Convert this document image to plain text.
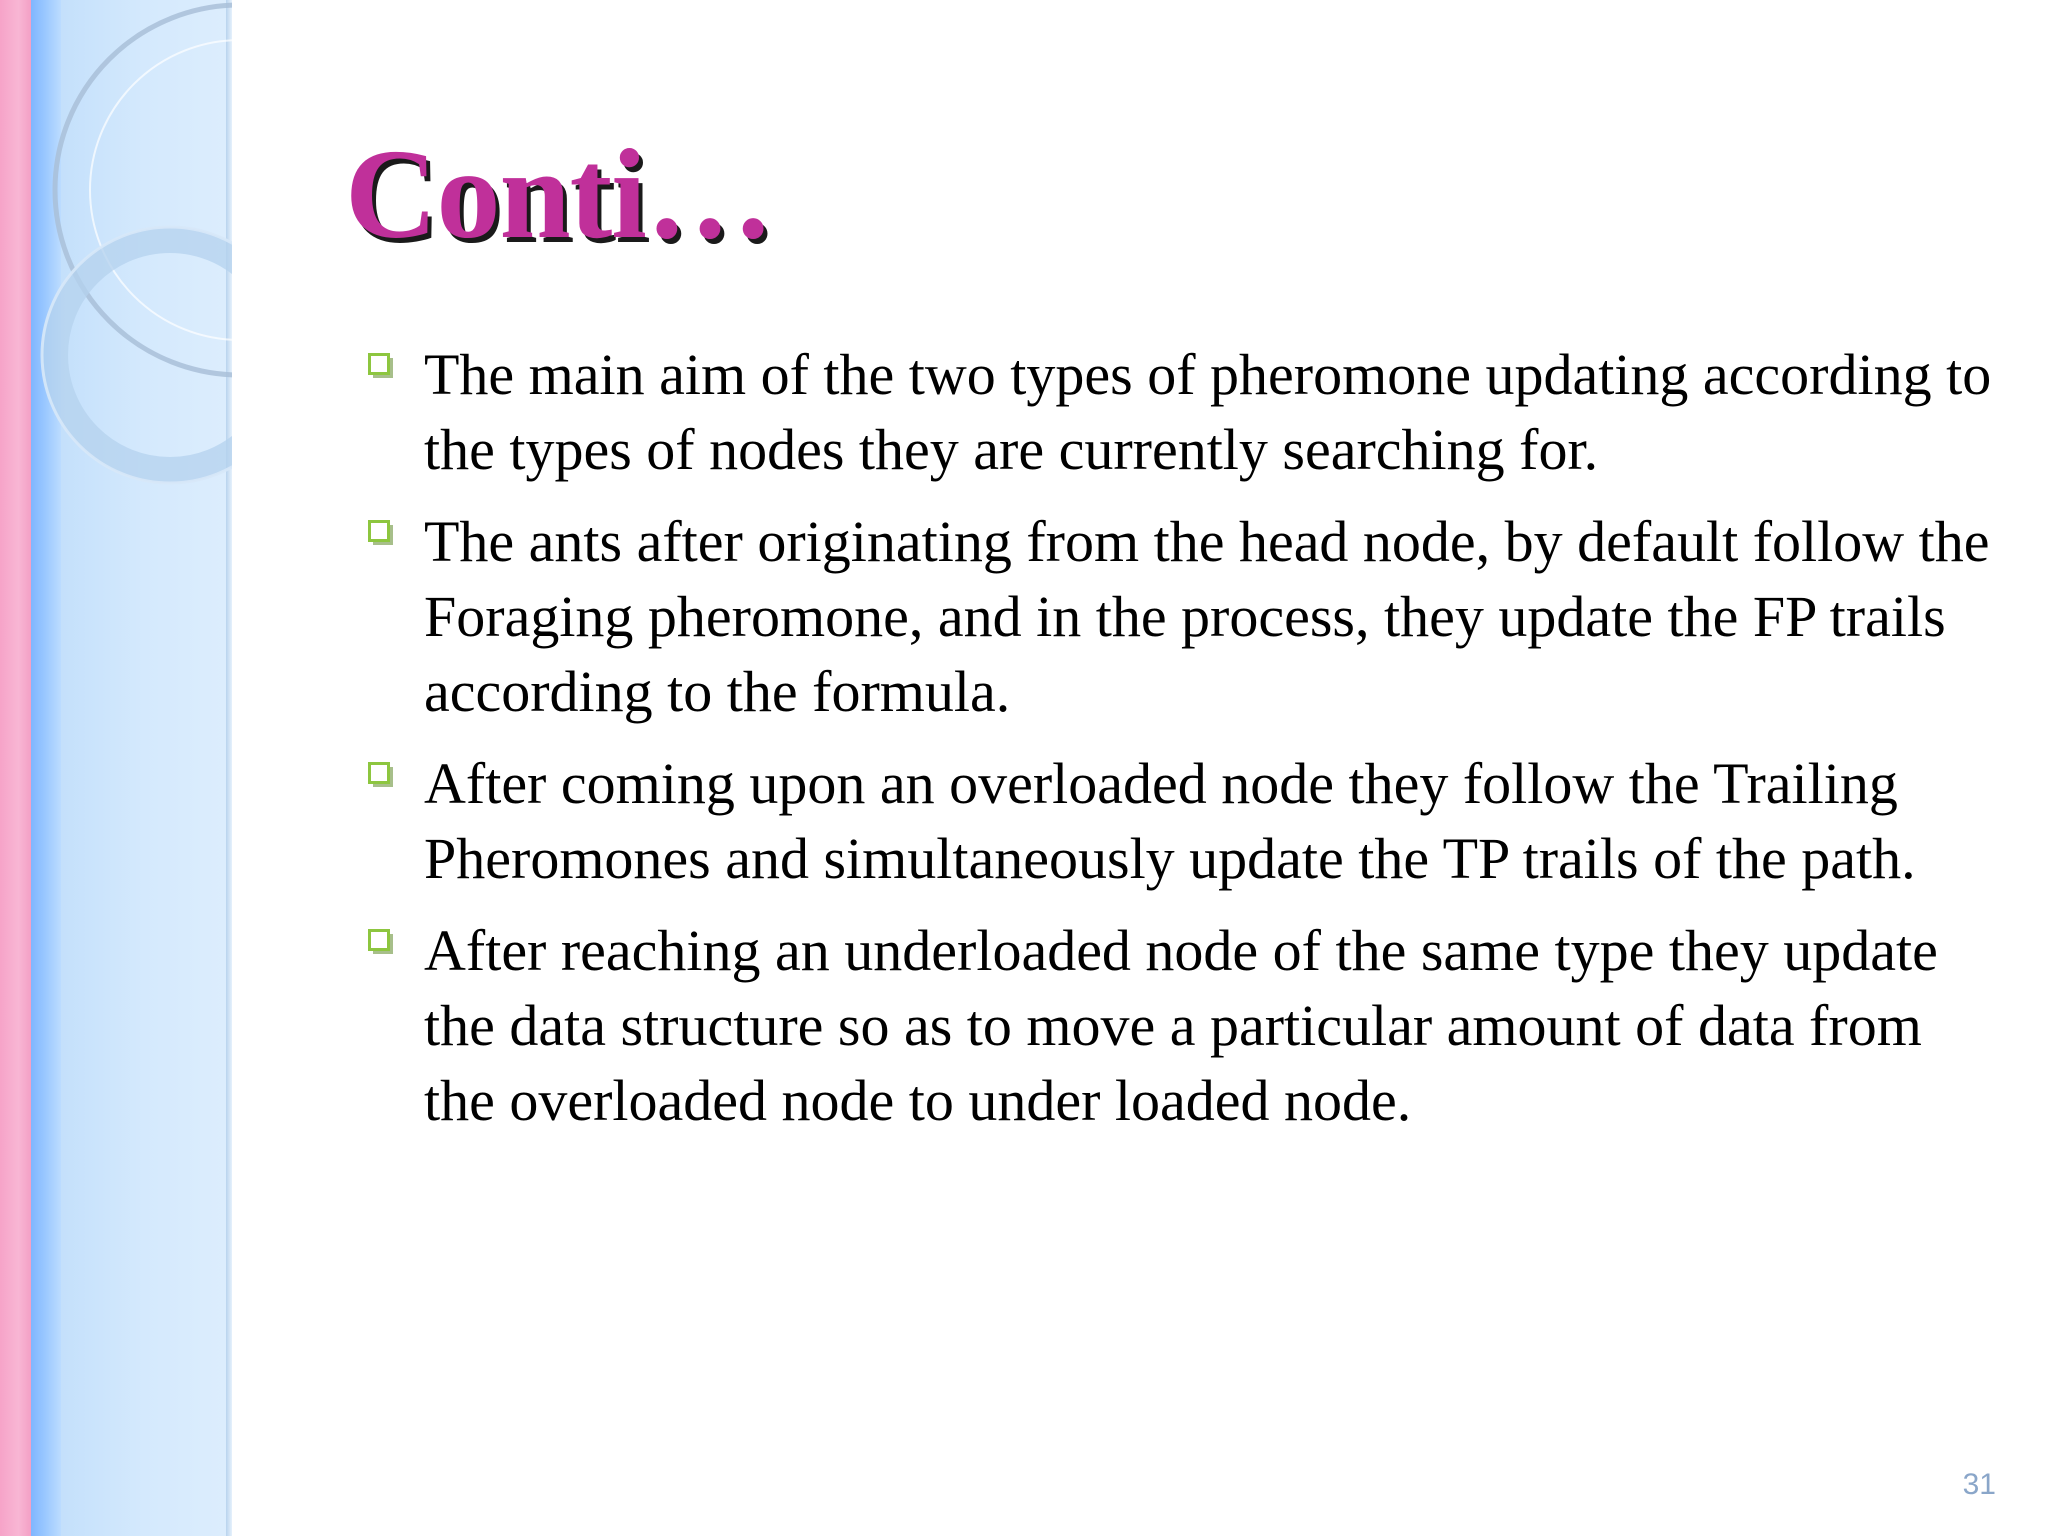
Conti…
The main aim of the two types of pheromone updating according to the types of nodes they are currently searching for.
The ants after originating from the head node, by default follow the Foraging pheromone, and in the process, they update the FP trails according to the formula.
After coming upon an overloaded node they follow the Trailing Pheromones and simultaneously update the TP trails of the path.
After reaching an underloaded node of the same type they update the data structure so as to move a particular amount of data from the overloaded node to under loaded node.
31
